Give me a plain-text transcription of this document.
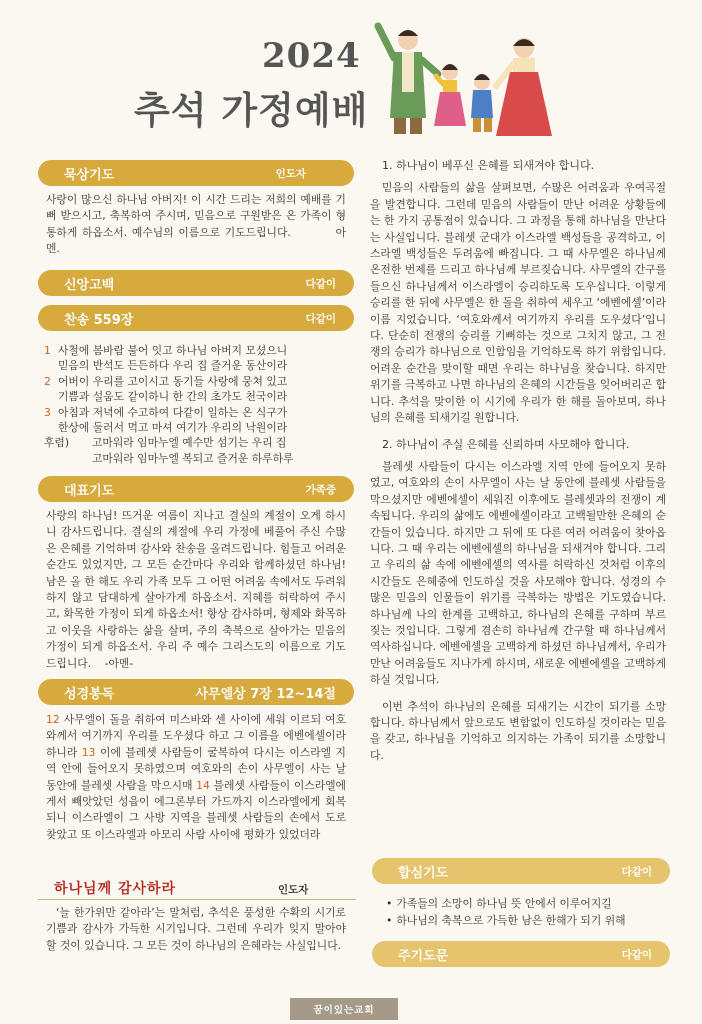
2024
추석 가정예배
묵상기도	인도자
사랑이 많으신 하나님 아버지! 이 시간 드리는 저희의 예배를 기뻐 받으시고, 축복하여 주시며, 믿음으로 구원받은 온 가족이 형통하게 하옵소서. 예수님의 이름으로 기도드립니다.	아멘.
신앙고백	다같이
찬송 559장	다같이
1 사철에 봄바람 불어 잇고 하나님 아버지 모셨으니
믿음의 반석도 든든하다 우리 집 즐거운 동산이라
2 어버이 우리를 고이시고 동기들 사랑에 뭉쳐 있고
기쁨과 설움도 같이하니 한 간의 초가도 천국이라
3 아침과 저녁에 수고하여 다같이 일하는 온 식구가
한상에 둘러서 먹고 마셔 여기가 우리의 낙원이라
후렴)	고마워라 임마누엘 예수만 섬기는 우리 집
고마워라 임마누엘 복되고 즐거운 하루하루
대표기도	가족중
사랑의 하나님! 뜨거운 여름이 지나고 결실의 계절이 오게 하시니 감사드립니다. 결실의 계절에 우리 가정에 베풀어 주신 수많은 은혜를 기억하며 감사와 찬송을 올려드립니다. 힘들고 어려운 순간도 있었지만, 그 모든 순간마다 우리와 함께하셨던 하나님! 남은 올 한 해도 우리 가족 모두 그 어떤 어려움 속에서도 두려워하지 않고 담대하게 살아가게 하옵소서. 지혜를 허락하여 주시고, 화목한 가정이 되게 하옵소서! 항상 감사하며, 형제와 화목하고 이웃을 사랑하는 삶을 살며, 주의 축복으로 살아가는 믿음의 가정이 되게 하옵소서. 우리 주 예수 그리스도의 이름으로 기도드립니다. -아멘-
성경봉독	사무엘상 7장 12~14절
12 사무엘이 돌을 취하여 미스바와 센 사이에 세워 이르되 여호와께서 여기까지 우리를 도우셨다 하고 그 이름을 에벤에셀이라 하니라 13 이에 블레셋 사람들이 굴복하여 다시는 이스라엘 지역 안에 들어오지 못하였으며 여호와의 손이 사무엘이 사는 날 동안에 블레셋 사람을 막으시매 14 블레셋 사람들이 이스라엘에게서 빼앗았던 성읍이 에그론부터 가드까지 이스라엘에게 회복되니 이스라엘이 그 사방 지역을 블레셋 사람들의 손에서 도로 찾았고 또 이스라엘과 아모리 사람 사이에 평화가 있었더라
하나님께 감사하라	인도자

‘늘 한가위만 같아라’는 말처럼, 추석은 풍성한 수확의 시기로 기쁨과 감사가 가득한 시기입니다. 그런데 우리가 잊지 말아야 할 것이 있습니다. 그 모든 것이 하나님의 은혜라는 사실입니다.

1. 하나님이 베푸신 은혜를 되새겨야 합니다.

믿음의 사람들의 삶을 살펴보면, 수많은 어려움과 우여곡절을 발견합니다. 그런데 믿음의 사람들이 만난 어려운 상황들에는 한 가지 공통점이 있습니다. 그 과정을 통해 하나님을 만난다는 사실입니다. 블레셋 군대가 이스라엘 백성들을 공격하고, 이스라엘 백성들은 두려움에 빠집니다. 그 때 사무엘은 하나님께 온전한 번제를 드리고 하나님께 부르짖습니다. 사무엘의 간구를 들으신 하나님께서 이스라엘이 승리하도록 도우십니다. 이렇게 승리를 한 뒤에 사무엘은 한 돌을 취하여 세우고 ‘에벤에셀’이라 이름 지었습니다. ‘여호와께서 여기까지 우리를 도우셨다’입니다. 단순히 전쟁의 승리를 기뻐하는 것으로 그치지 않고, 그 전쟁의 승리가 하나님으로 인함임을 기억하도록 하기 위함입니다. 어려운 순간을 맞이할 때면 우리는 하나님을 찾습니다. 하지만 위기를 극복하고 나면 하나님의 은혜의 시간들을 잊어버리곤 합니다. 추석을 맞이한 이 시기에 우리가 한 해를 돌아보며, 하나님의 은혜를 되새기길 원합니다.

2. 하나님이 주실 은혜를 신뢰하며 사모해야 합니다.

블레셋 사람들이 다시는 이스라엘 지역 안에 들어오지 못하였고, 여호와의 손이 사무엘이 사는 날 동안에 블레셋 사람들을 막으셨지만 에벤에셀이 세워진 이후에도 블레셋과의 전쟁이 계속됩니다. 우리의 삶에도 에벤에셀이라고 고백될만한 은혜의 순간들이 있습니다. 하지만 그 뒤에 또 다른 여러 어려움이 찾아옵니다. 그 때 우리는 에벤에셀의 하나님을 되새겨야 합니다. 그리고 우리의 삶 속에 에벤에셀의 역사를 허락하신 것처럼 이후의 시간들도 은혜중에 인도하실 것을 사모해야 합니다. 성경의 수많은 믿음의 인물들이 위기를 극복하는 방법은 기도였습니다. 하나님께 나의 한계를 고백하고, 하나님의 은혜를 구하며 부르짖는 것입니다. 그렇게 겸손히 하나님께 간구할 때 하나님께서 역사하십니다. 에벤에셀을 고백하게 하셨던 하나님께서, 우리가 만난 어려움들도 지나가게 하시며, 새로운 에벤에셀을 고백하게 하실 것입니다.

이번 추석이 하나님의 은혜를 되새기는 시간이 되기를 소망합니다. 하나님께서 앞으로도 변함없이 인도하실 것이라는 믿음을 갖고, 하나님을 기억하고 의지하는 가족이 되기를 소망합니다.

합심기도	다같이
• 가족들의 소망이 하나님 뜻 안에서 이루어지길
• 하나님의 축복으로 가득한 남은 한해가 되기 위해
주기도문	다같이
꿈이있는교회
